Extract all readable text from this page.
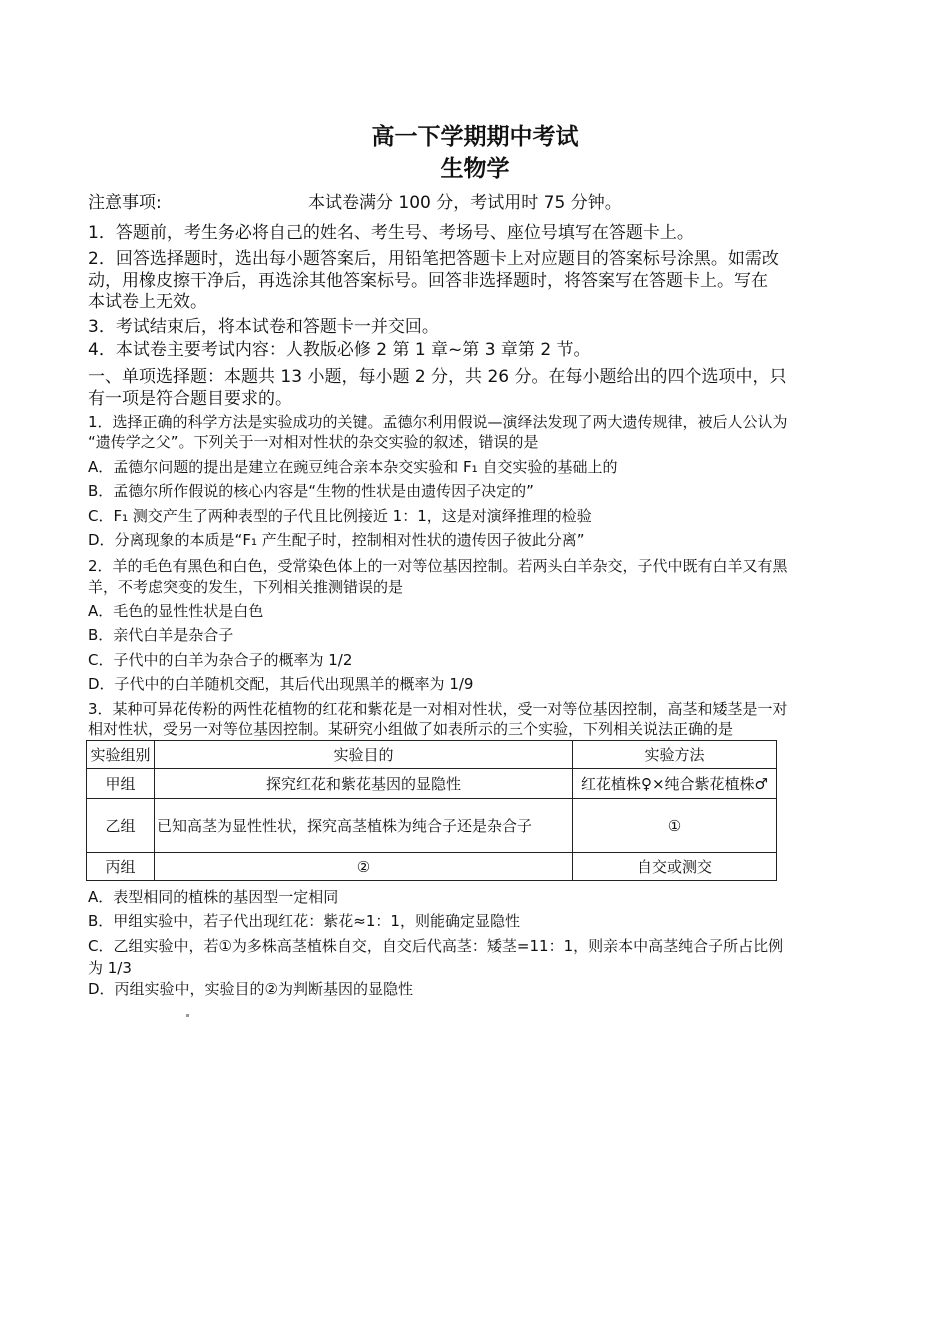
高一下学期期中考试
生物学
注意事项:	本试卷满分 100 分，考试用时 75 分钟。
1．答题前，考生务必将自己的姓名、考生号、考场号、座位号填写在答题卡上。
2．回答选择题时，选出每小题答案后，用铅笔把答题卡上对应题目的答案标号涂黑。如需改
动，用橡皮擦干净后，再选涂其他答案标号。回答非选择题时，将答案写在答题卡上。写在
本试卷上无效。
3．考试结束后，将本试卷和答题卡一并交回。
4．本试卷主要考试内容：人教版必修 2 第 1 章~第 3 章第 2 节。
一、单项选择题：本题共 13 小题，每小题 2 分，共 26 分。在每小题给出的四个选项中，只
有一项是符合题目要求的。
1．选择正确的科学方法是实验成功的关键。孟德尔利用假说—演绎法发现了两大遗传规律，被后人公认为
“遗传学之父”。下列关于一对相对性状的杂交实验的叙述，错误的是
A．孟德尔问题的提出是建立在豌豆纯合亲本杂交实验和 F₁ 自交实验的基础上的
B．孟德尔所作假说的核心内容是“生物的性状是由遗传因子决定的”
C．F₁ 测交产生了两种表型的子代且比例接近 1：1，这是对演绎推理的检验
D．分离现象的本质是“F₁ 产生配子时，控制相对性状的遗传因子彼此分离”
2．羊的毛色有黑色和白色，受常染色体上的一对等位基因控制。若两头白羊杂交，子代中既有白羊又有黑
羊，不考虑突变的发生，下列相关推测错误的是
A．毛色的显性性状是白色
B．亲代白羊是杂合子
C．子代中的白羊为杂合子的概率为 1/2
D．子代中的白羊随机交配，其后代出现黑羊的概率为 1/9
3．某种可异花传粉的两性花植物的红花和紫花是一对相对性状，受一对等位基因控制，高茎和矮茎是一对
相对性状，受另一对等位基因控制。某研究小组做了如表所示的三个实验，下列相关说法正确的是
实验组别	实验目的	实验方法
甲组	探究红花和紫花基因的显隐性	红花植株♀×纯合紫花植株♂
乙组	已知高茎为显性性状，探究高茎植株为纯合子还是杂合子	①
丙组	②	自交或测交
A．表型相同的植株的基因型一定相同
B．甲组实验中，若子代出现红花：紫花≈1：1，则能确定显隐性
C．乙组实验中，若①为多株高茎植株自交，自交后代高茎：矮茎=11：1，则亲本中高茎纯合子所占比例
为 1/3
D．丙组实验中，实验目的②为判断基因的显隐性
